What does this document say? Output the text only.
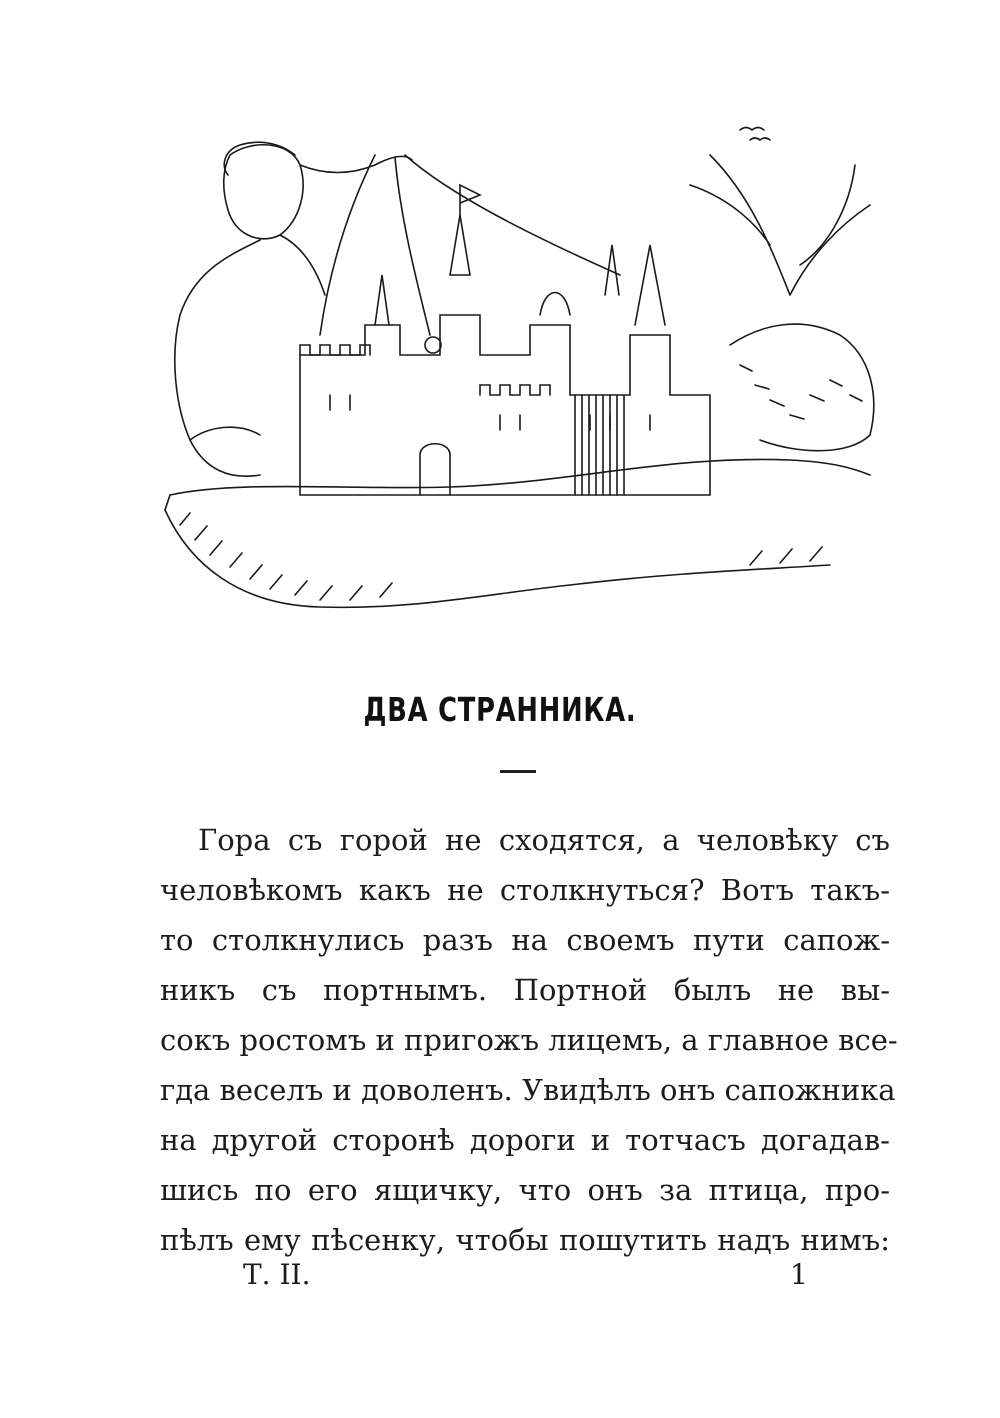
ДВА СТРАННИКА.
Гора съ горой не сходятся, а человѣку съ
человѣкомъ какъ не столкнуться? Вотъ такъ-
то столкнулись разъ на своемъ пути сапож-
никъ съ портнымъ. Портной былъ не вы-
сокъ ростомъ и пригожъ лицемъ, а главное все-
гда веселъ и доволенъ. Увидѣлъ онъ сапожника
на другой сторонѣ дороги и тотчасъ догадав-
шись по его ящичку, что онъ за птица, про-
пѣлъ ему пѣсенку, чтобы пошутить надъ нимъ:
Т. II.	1
